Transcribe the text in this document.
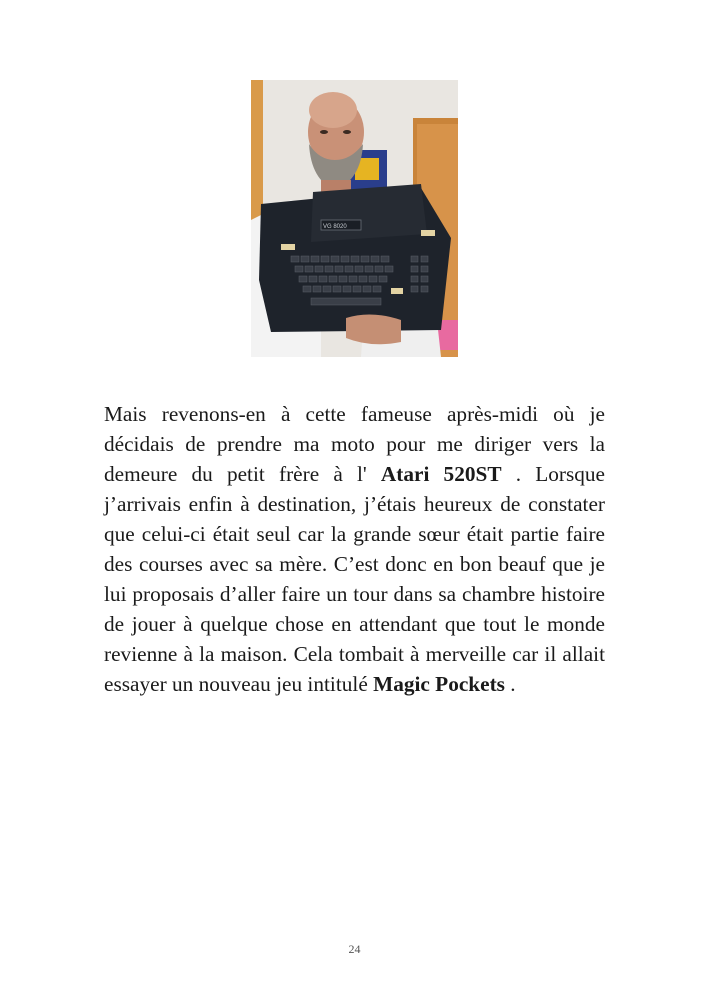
VG 8020

Mais revenons-en à cette fameuse après-midi où je décidais de prendre ma moto pour me diriger vers la demeure du petit frère à l' Atari 520ST . Lorsque j’arrivais enfin à destination, j’étais heureux de constater que celui-ci était seul car la grande sœur était partie faire des courses avec sa mère. C’est donc en bon beauf que je lui proposais d’aller faire un tour dans sa chambre histoire de jouer à quelque chose en attendant que tout le monde revienne à la maison. Cela tombait à merveille car il allait essayer un nouveau jeu intitulé Magic Pockets .

24
